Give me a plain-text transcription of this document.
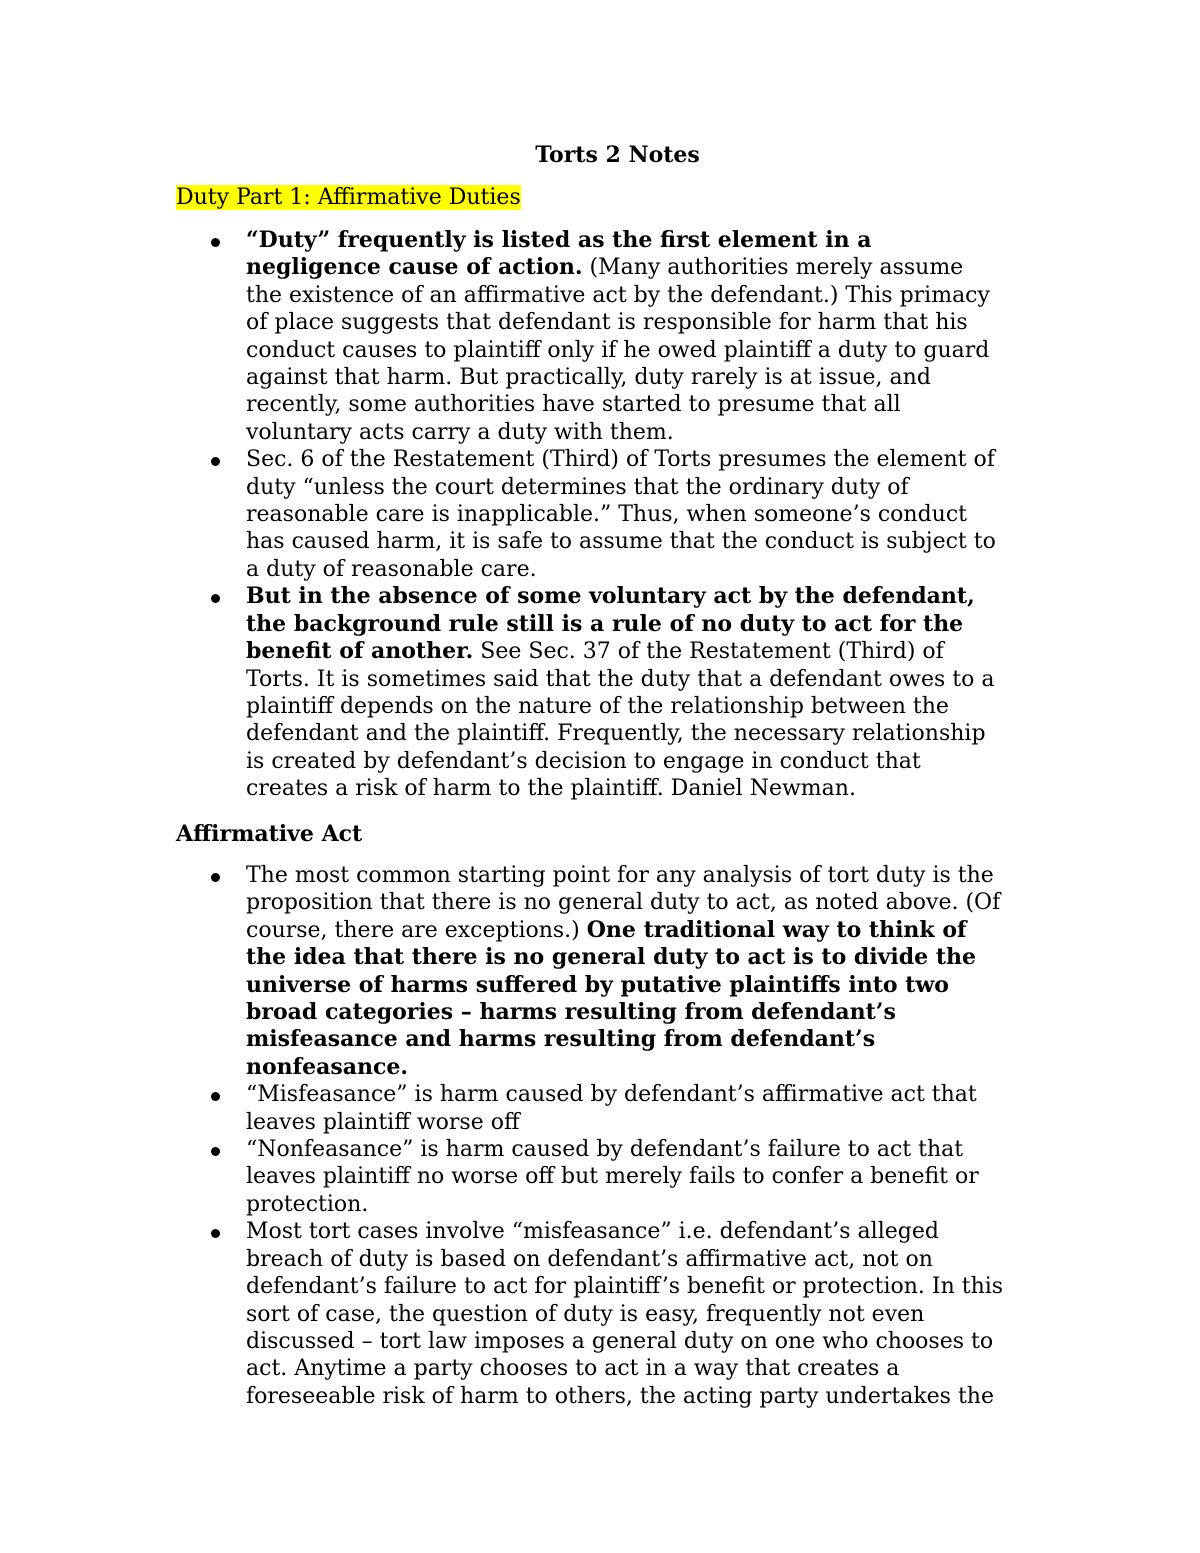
Torts 2 Notes
Duty Part 1: Affirmative Duties
“Duty” frequently is listed as the first element in a
negligence cause of action. (Many authorities merely assume
the existence of an affirmative act by the defendant.) This primacy
of place suggests that defendant is responsible for harm that his
conduct causes to plaintiff only if he owed plaintiff a duty to guard
against that harm. But practically, duty rarely is at issue, and
recently, some authorities have started to presume that all
voluntary acts carry a duty with them.
Sec. 6 of the Restatement (Third) of Torts presumes the element of
duty “unless the court determines that the ordinary duty of
reasonable care is inapplicable.” Thus, when someone’s conduct
has caused harm, it is safe to assume that the conduct is subject to
a duty of reasonable care.
But in the absence of some voluntary act by the defendant,
the background rule still is a rule of no duty to act for the
benefit of another. See Sec. 37 of the Restatement (Third) of
Torts. It is sometimes said that the duty that a defendant owes to a
plaintiff depends on the nature of the relationship between the
defendant and the plaintiff. Frequently, the necessary relationship
is created by defendant’s decision to engage in conduct that
creates a risk of harm to the plaintiff. Daniel Newman.
Affirmative Act
The most common starting point for any analysis of tort duty is the
proposition that there is no general duty to act, as noted above. (Of
course, there are exceptions.) One traditional way to think of
the idea that there is no general duty to act is to divide the
universe of harms suffered by putative plaintiffs into two
broad categories – harms resulting from defendant’s
misfeasance and harms resulting from defendant’s
nonfeasance.
“Misfeasance” is harm caused by defendant’s affirmative act that
leaves plaintiff worse off
“Nonfeasance” is harm caused by defendant’s failure to act that
leaves plaintiff no worse off but merely fails to confer a benefit or
protection.
Most tort cases involve “misfeasance” i.e. defendant’s alleged
breach of duty is based on defendant’s affirmative act, not on
defendant’s failure to act for plaintiff’s benefit or protection. In this
sort of case, the question of duty is easy, frequently not even
discussed – tort law imposes a general duty on one who chooses to
act. Anytime a party chooses to act in a way that creates a
foreseeable risk of harm to others, the acting party undertakes the
